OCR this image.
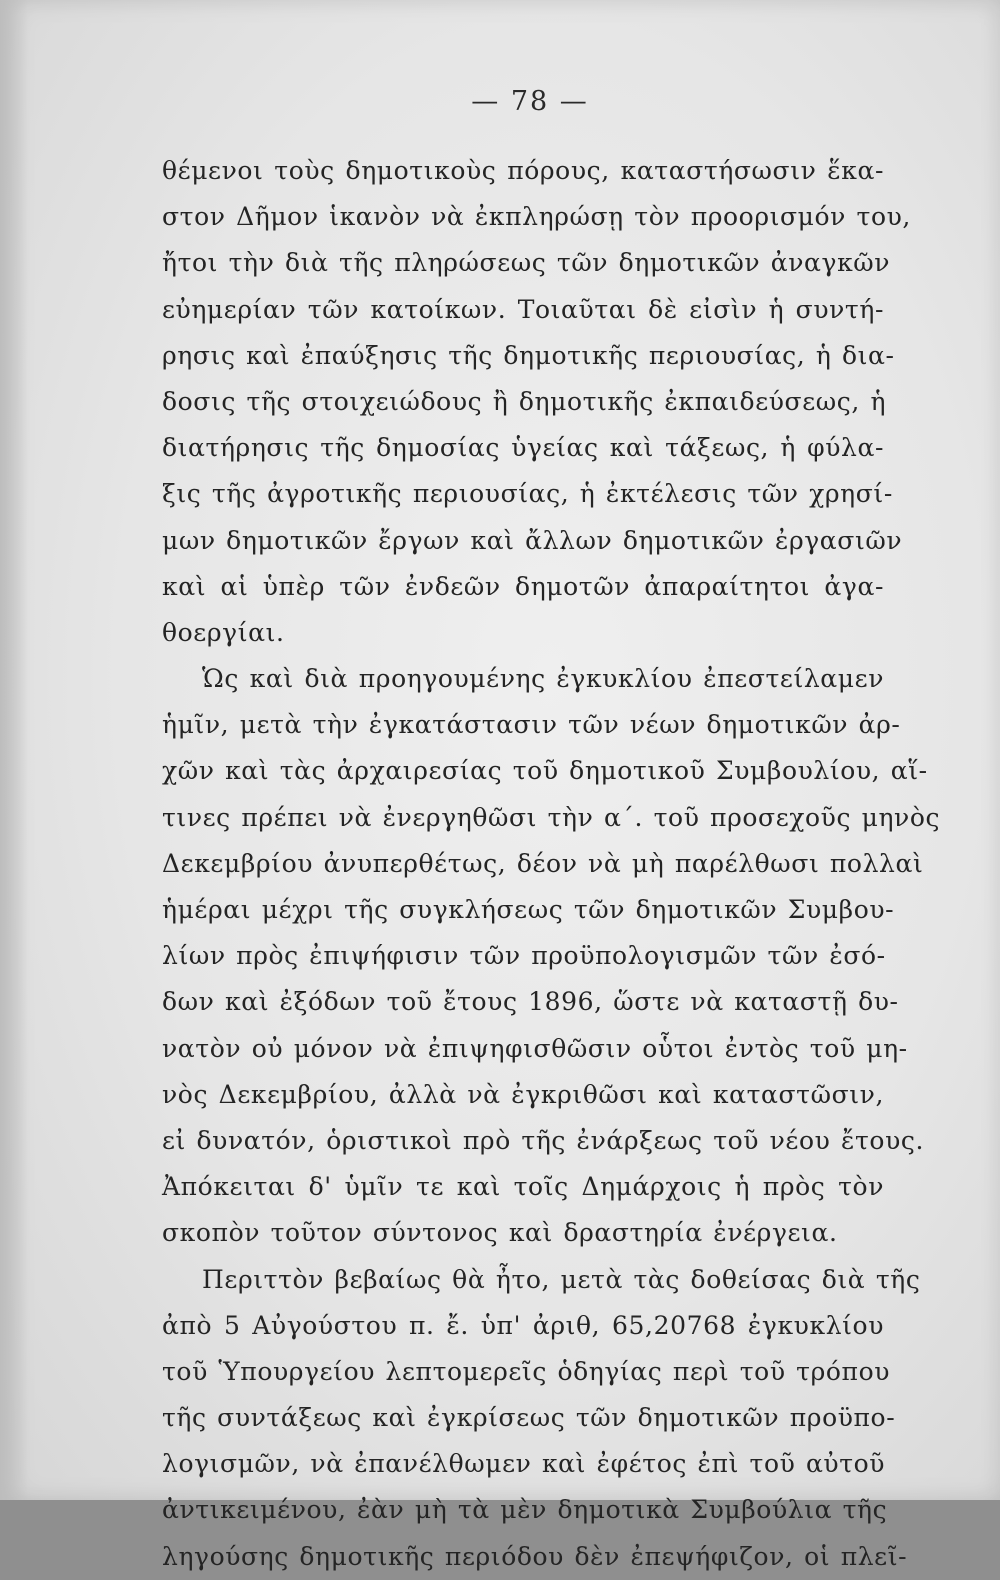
— 78 —
θέμενοι τοὺς δημοτικοὺς πόρους, καταστήσωσιν ἕκα-
στον Δῆμον ἱκανὸν νὰ ἐκπληρώσῃ τὸν προορισμόν του,
ἤτοι τὴν διὰ τῆς πληρώσεως τῶν δημοτικῶν ἀναγκῶν
εὐημερίαν τῶν κατοίκων. Τοιαῦται δὲ εἰσὶν ἡ συντή-
ρησις καὶ ἐπαύξησις τῆς δημοτικῆς περιουσίας, ἡ δια-
δοσις τῆς στοιχειώδους ἢ δημοτικῆς ἐκπαιδεύσεως, ἡ
διατήρησις τῆς δημοσίας ὑγείας καὶ τάξεως, ἡ φύλα-
ξις τῆς ἀγροτικῆς περιουσίας, ἡ ἐκτέλεσις τῶν χρησί-
μων δημοτικῶν ἔργων καὶ ἄλλων δημοτικῶν ἐργασιῶν
καὶ αἱ ὑπὲρ τῶν ἐνδεῶν δημοτῶν ἀπαραίτητοι ἀγα-
θοεργίαι.
Ὡς καὶ διὰ προηγουμένης ἐγκυκλίου ἐπεστείλαμεν
ἡμῖν, μετὰ τὴν ἐγκατάστασιν τῶν νέων δημοτικῶν ἀρ-
χῶν καὶ τὰς ἀρχαιρεσίας τοῦ δημοτικοῦ Συμβουλίου, αἵ-
τινες πρέπει νὰ ἐνεργηθῶσι τὴν α΄. τοῦ προσεχοῦς μηνὸς
Δεκεμβρίου ἀνυπερθέτως, δέον νὰ μὴ παρέλθωσι πολλαὶ
ἡμέραι μέχρι τῆς συγκλήσεως τῶν δημοτικῶν Συμβου-
λίων πρὸς ἐπιψήφισιν τῶν προϋπολογισμῶν τῶν ἐσό-
δων καὶ ἐξόδων τοῦ ἔτους 1896, ὥστε νὰ καταστῇ δυ-
νατὸν οὐ μόνον νὰ ἐπιψηφισθῶσιν οὗτοι ἐντὸς τοῦ μη-
νὸς Δεκεμβρίου, ἀλλὰ νὰ ἐγκριθῶσι καὶ καταστῶσιν,
εἰ δυνατόν, ὁριστικοὶ πρὸ τῆς ἐνάρξεως τοῦ νέου ἔτους.
Ἀπόκειται δ' ὑμῖν τε καὶ τοῖς Δημάρχοις ἡ πρὸς τὸν
σκοπὸν τοῦτον σύντονος καὶ δραστηρία ἐνέργεια.
Περιττὸν βεβαίως θὰ ἦτο, μετὰ τὰς δοθείσας διὰ τῆς
ἀπὸ 5 Αὐγούστου π. ἔ. ὑπ' ἀριθ, 65,20768 ἐγκυκλίου
τοῦ Ὑπουργείου λεπτομερεῖς ὁδηγίας περὶ τοῦ τρόπου
τῆς συντάξεως καὶ ἐγκρίσεως τῶν δημοτικῶν προϋπο-
λογισμῶν, νὰ ἐπανέλθωμεν καὶ ἐφέτος ἐπὶ τοῦ αὐτοῦ
ἀντικειμένου, ἐὰν μὴ τὰ μὲν δημοτικὰ Συμβούλια τῆς
ληγούσης δημοτικῆς περιόδου δὲν ἐπεψήφιζον, οἱ πλεῖ-
